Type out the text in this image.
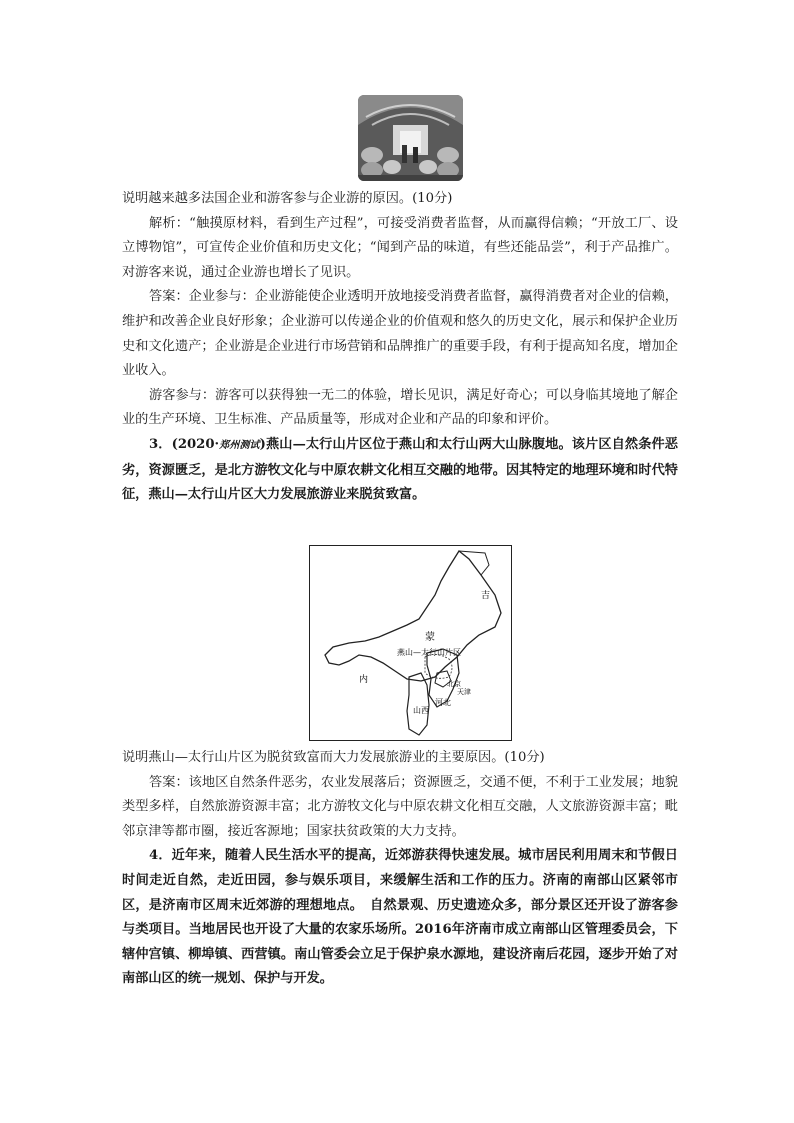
说明越来越多法国企业和游客参与企业游的原因。(10分)

解析：“触摸原材料，看到生产过程”，可接受消费者监督，从而赢得信赖；“开放工厂、设立博物馆”，可宣传企业价值和历史文化；“闻到产品的味道，有些还能品尝”，利于产品推广。对游客来说，通过企业游也增长了见识。

答案：企业参与：企业游能使企业透明开放地接受消费者监督，赢得消费者对企业的信赖，维护和改善企业良好形象；企业游可以传递企业的价值观和悠久的历史文化，展示和保护企业历史和文化遗产；企业游是企业进行市场营销和品牌推广的重要手段，有利于提高知名度，增加企业收入。

游客参与：游客可以获得独一无二的体验，增长见识，满足好奇心；可以身临其境地了解企业的生产环境、卫生标准、产品质量等，形成对企业和产品的印象和评价。

3．(2020·郑州测试)燕山—太行山片区位于燕山和太行山两大山脉腹地。该片区自然条件恶劣，资源匮乏，是北方游牧文化与中原农耕文化相互交融的地带。因其特定的地理环境和时代特征，燕山—太行山片区大力发展旅游业来脱贫致富。

吉
蒙
燕山—太行山片区
内	北京
天津
河北
山西

说明燕山—太行山片区为脱贫致富而大力发展旅游业的主要原因。(10分)

答案：该地区自然条件恶劣，农业发展落后；资源匮乏，交通不便，不利于工业发展；地貌类型多样，自然旅游资源丰富；北方游牧文化与中原农耕文化相互交融，人文旅游资源丰富；毗邻京津等都市圈，接近客源地；国家扶贫政策的大力支持。

4．近年来，随着人民生活水平的提高，近郊游获得快速发展。城市居民利用周末和节假日时间走近自然，走近田园，参与娱乐项目，来缓解生活和工作的压力。济南的南部山区紧邻市区，是济南市区周末近郊游的理想地点。　自然景观、历史遗迹众多，部分景区还开设了游客参与类项目。当地居民也开设了大量的农家乐场所。2016年济南市成立南部山区管理委员会，下辖仲宫镇、柳埠镇、西营镇。南山管委会立足于保护泉水源地，建设济南后花园，逐步开始了对南部山区的统一规划、保护与开发。
